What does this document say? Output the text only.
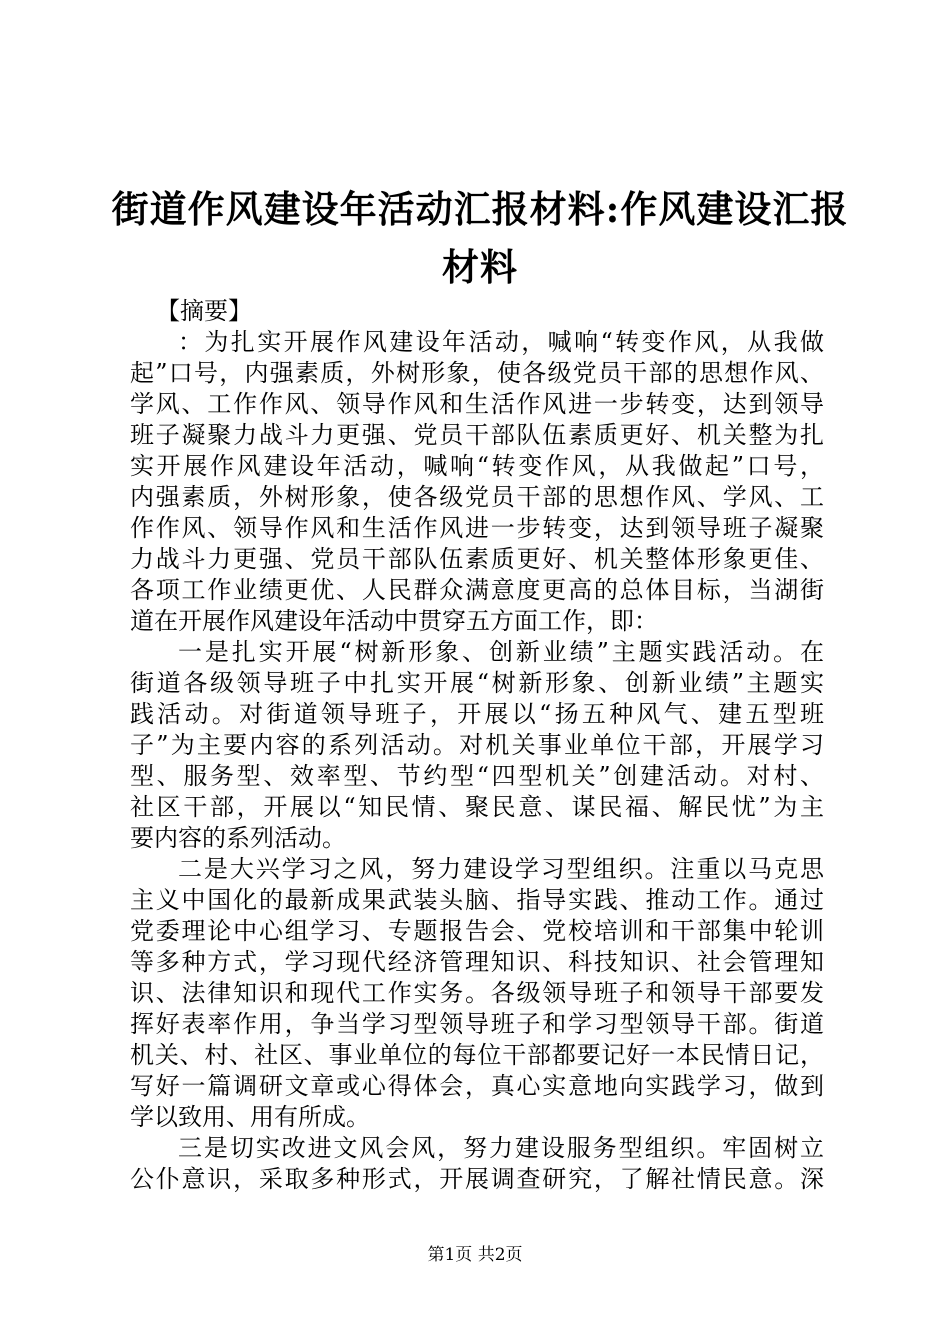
街道作风建设年活动汇报材料:作风建设汇报
材料
【摘要】
：为扎实开展作风建设年活动，喊响“转变作风，从我做
起”口号，内强素质，外树形象，使各级党员干部的思想作风、
学风、工作作风、领导作风和生活作风进一步转变，达到领导
班子凝聚力战斗力更强、党员干部队伍素质更好、机关整为扎
实开展作风建设年活动，喊响“转变作风，从我做起”口号，
内强素质，外树形象，使各级党员干部的思想作风、学风、工
作作风、领导作风和生活作风进一步转变，达到领导班子凝聚
力战斗力更强、党员干部队伍素质更好、机关整体形象更佳、
各项工作业绩更优、人民群众满意度更高的总体目标，当湖街
道在开展作风建设年活动中贯穿五方面工作，即：
一是扎实开展“树新形象、创新业绩”主题实践活动。在
街道各级领导班子中扎实开展“树新形象、创新业绩”主题实
践活动。对街道领导班子，开展以“扬五种风气、建五型班
子”为主要内容的系列活动。对机关事业单位干部，开展学习
型、服务型、效率型、节约型“四型机关”创建活动。对村、
社区干部，开展以“知民情、聚民意、谋民福、解民忧”为主
要内容的系列活动。
二是大兴学习之风，努力建设学习型组织。注重以马克思
主义中国化的最新成果武装头脑、指导实践、推动工作。通过
党委理论中心组学习、专题报告会、党校培训和干部集中轮训
等多种方式，学习现代经济管理知识、科技知识、社会管理知
识、法律知识和现代工作实务。各级领导班子和领导干部要发
挥好表率作用，争当学习型领导班子和学习型领导干部。街道
机关、村、社区、事业单位的每位干部都要记好一本民情日记，
写好一篇调研文章或心得体会，真心实意地向实践学习，做到
学以致用、用有所成。
三是切实改进文风会风，努力建设服务型组织。牢固树立
公仆意识，采取多种形式，开展调查研究，了解社情民意。深
第1页 共2页
